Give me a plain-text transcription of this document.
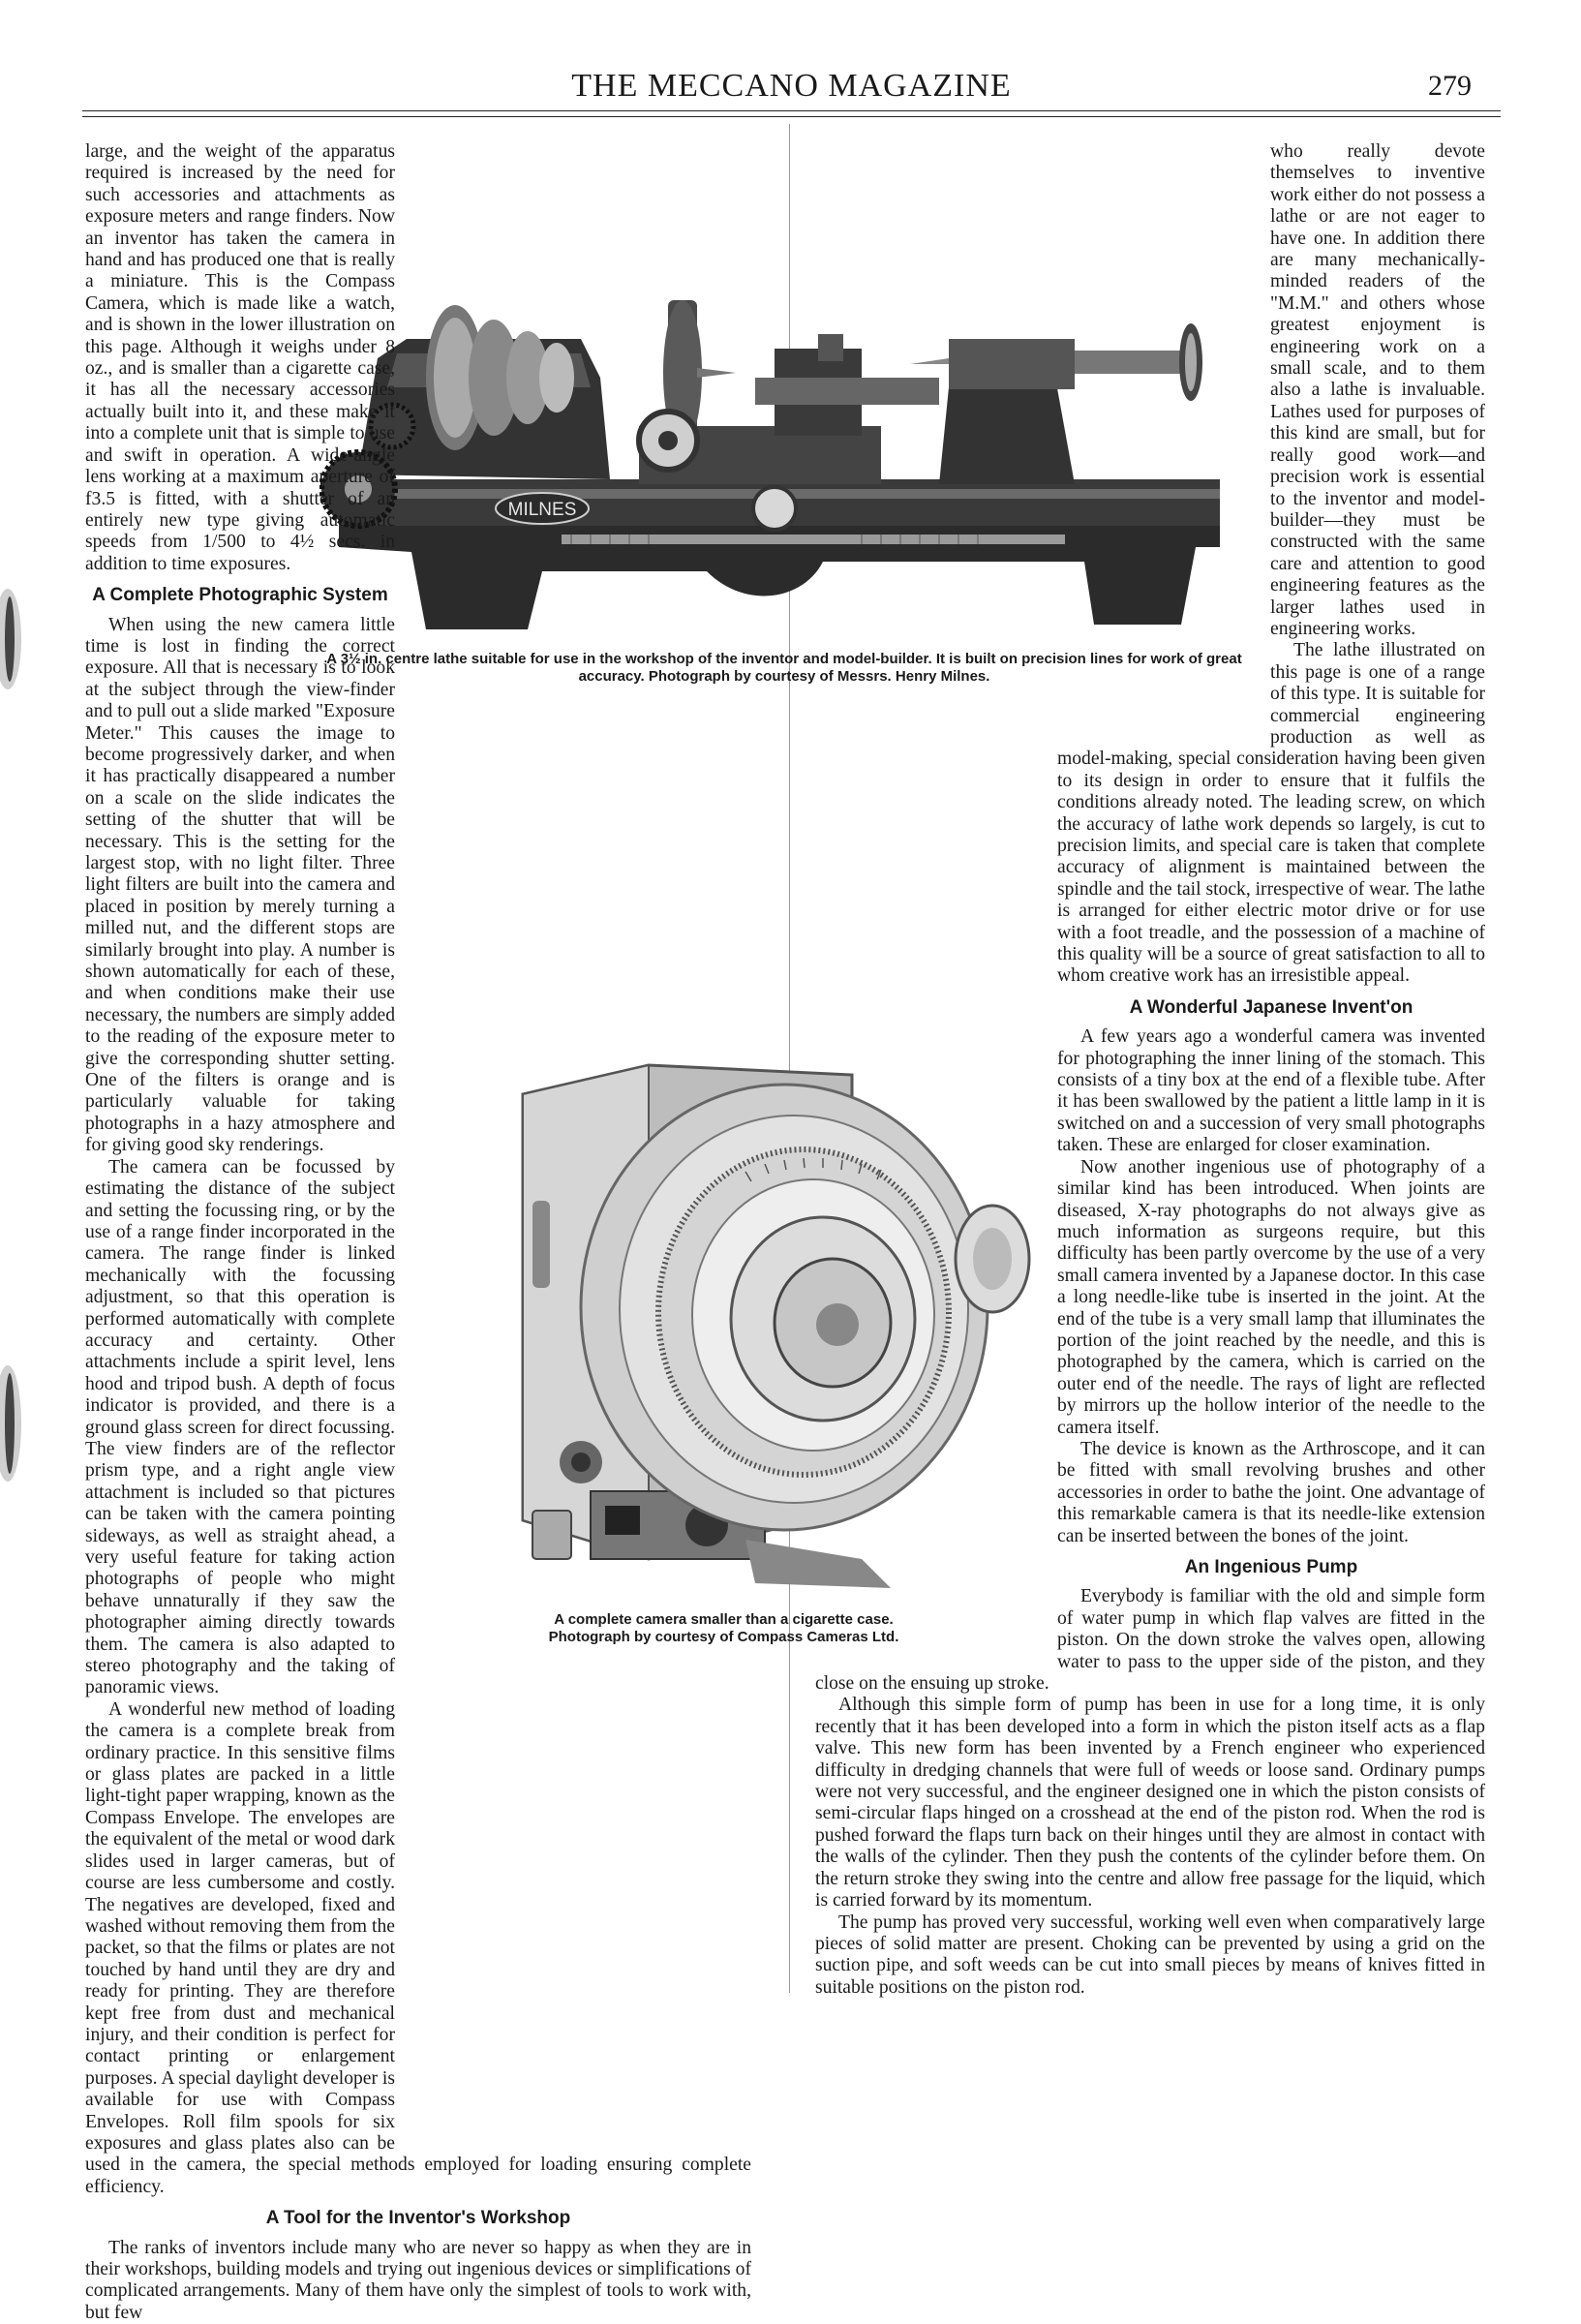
THE MECCANO MAGAZINE	279
MILNES
A 3½ in. centre lathe suitable for use in the workshop of the inventor and model-builder. It is built on precision lines for work of great accuracy. Photograph by courtesy of Messrs. Henry Milnes.
A complete camera smaller than a cigarette case. Photograph by courtesy of Compass Cameras Ltd.

large, and the weight of the apparatus required is increased by the need for such accessories and attachments as exposure meters and range finders. Now an inventor has taken the camera in hand and has produced one that is really a miniature. This is the Compass Camera, which is made like a watch, and is shown in the lower illustration on this page. Although it weighs under 8 oz., and is smaller than a cigarette case, it has all the necessary accessories actually built into it, and these make it into a complete unit that is simple to use and swift in operation. A wide-angle lens working at a maximum aperture of f3.5 is fitted, with a shutter of an entirely new type giving automatic speeds from 1/500 to 4½ secs. in addition to time exposures.

A Complete Photographic System

When using the new camera little time is lost in finding the correct exposure. All that is necessary is to look at the subject through the view-finder and to pull out a slide marked "Exposure Meter." This causes the image to become progressively darker, and when it has practically disappeared a number on a scale on the slide indicates the setting of the shutter that will be necessary. This is the setting for the largest stop, with no light filter. Three light filters are built into the camera and placed in position by merely turning a milled nut, and the different stops are similarly brought into play. A number is shown automatically for each of these, and when conditions make their use necessary, the numbers are simply added to the reading of the exposure meter to give the corresponding shutter setting. One of the filters is orange and is particularly valuable for taking photographs in a hazy atmosphere and for giving good sky renderings.

The camera can be focussed by estimating the distance of the subject and setting the focussing ring, or by the use of a range finder incorporated in the camera. The range finder is linked mechanically with the focussing adjustment, so that this operation is performed automatically with complete accuracy and certainty. Other attachments include a spirit level, lens hood and tripod bush. A depth of focus indicator is provided, and there is a ground glass screen for direct focussing. The view finders are of the reflector prism type, and a right angle view attachment is included so that pictures can be taken with the camera pointing sideways, as well as straight ahead, a very useful feature for taking action photographs of people who might behave unnaturally if they saw the photographer aiming directly towards them. The camera is also adapted to stereo photography and the taking of panoramic views.

A wonderful new method of loading the camera is a complete break from ordinary practice. In this sensitive films or glass plates are packed in a little light-tight paper wrapping, known as the Compass Envelope. The envelopes are the equivalent of the metal or wood dark slides used in larger cameras, but of course are less cumbersome and costly. The negatives are developed, fixed and washed without removing them from the packet, so that the films or plates are not touched by hand until they are dry and ready for printing. They are therefore kept free from dust and mechanical injury, and their condition is perfect for contact printing or enlargement purposes. A special daylight developer is available for use with Compass Envelopes. Roll film spools for six exposures and glass plates also can be used in the camera, the special methods employed for loading ensuring complete efficiency.

A Tool for the Inventor's Workshop

The ranks of inventors include many who are never so happy as when they are in their workshops, building models and trying out ingenious devices or simplifications of complicated arrangements. Many of them have only the simplest of tools to work with, but few

who really devote themselves to inventive work either do not possess a lathe or are not eager to have one. In addition there are many mechanically-minded readers of the "M.M." and others whose greatest enjoyment is engineering work on a small scale, and to them also a lathe is invaluable. Lathes used for purposes of this kind are small, but for really good work—and precision work is essential to the inventor and model-builder—they must be constructed with the same care and attention to good engineering features as the larger lathes used in engineering works.

The lathe illustrated on this page is one of a range of this type. It is suitable for commercial engineering production as well as model-making, special consideration having been given to its design in order to ensure that it fulfils the conditions already noted. The leading screw, on which the accuracy of lathe work depends so largely, is cut to precision limits, and special care is taken that complete accuracy of alignment is maintained between the spindle and the tail stock, irrespective of wear. The lathe is arranged for either electric motor drive or for use with a foot treadle, and the possession of a machine of this quality will be a source of great satisfaction to all to whom creative work has an irresistible appeal.

A Wonderful Japanese Invent'on

A few years ago a wonderful camera was invented for photographing the inner lining of the stomach. This consists of a tiny box at the end of a flexible tube. After it has been swallowed by the patient a little lamp in it is switched on and a succession of very small photographs taken. These are enlarged for closer examination.

Now another ingenious use of photography of a similar kind has been introduced. When joints are diseased, X-ray photographs do not always give as much information as surgeons require, but this difficulty has been partly overcome by the use of a very small camera invented by a Japanese doctor. In this case a long needle-like tube is inserted in the joint. At the end of the tube is a very small lamp that illuminates the portion of the joint reached by the needle, and this is photographed by the camera, which is carried on the outer end of the needle. The rays of light are reflected by mirrors up the hollow interior of the needle to the camera itself.

The device is known as the Arthroscope, and it can be fitted with small revolving brushes and other accessories in order to bathe the joint. One advantage of this remarkable camera is that its needle-like extension can be inserted between the bones of the joint.

An Ingenious Pump

Everybody is familiar with the old and simple form of water pump in which flap valves are fitted in the piston. On the down stroke the valves open, allowing water to pass to the upper side of the piston, and they close on the ensuing up stroke.

Although this simple form of pump has been in use for a long time, it is only recently that it has been developed into a form in which the piston itself acts as a flap valve. This new form has been invented by a French engineer who experienced difficulty in dredging channels that were full of weeds or loose sand. Ordinary pumps were not very successful, and the engineer designed one in which the piston consists of semi-circular flaps hinged on a crosshead at the end of the piston rod. When the rod is pushed forward the flaps turn back on their hinges until they are almost in contact with the walls of the cylinder. Then they push the contents of the cylinder before them. On the return stroke they swing into the centre and allow free passage for the liquid, which is carried forward by its momentum.

The pump has proved very successful, working well even when comparatively large pieces of solid matter are present. Choking can be prevented by using a grid on the suction pipe, and soft weeds can be cut into small pieces by means of knives fitted in suitable positions on the piston rod.
